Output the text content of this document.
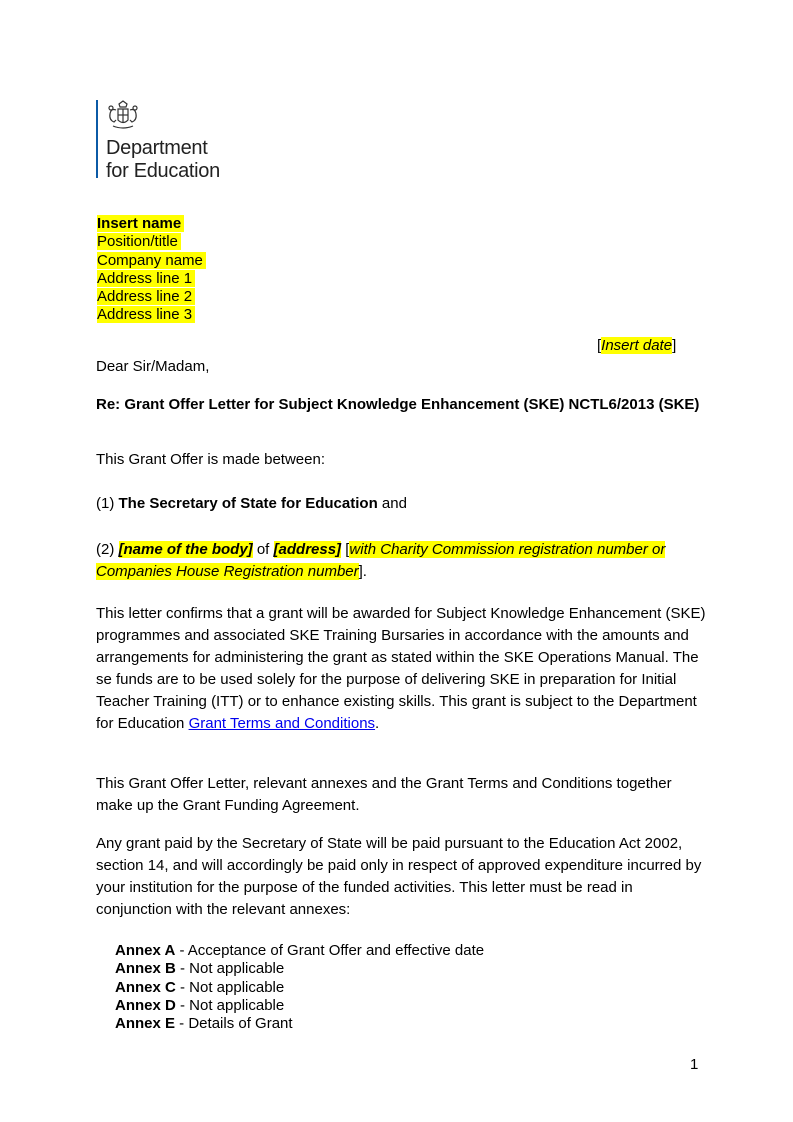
Department
for Education
Insert name
Position/title
Company name
Address line 1
Address line 2
Address line 3
[Insert date]
Dear Sir/Madam,
Re: Grant Offer Letter for Subject Knowledge Enhancement (SKE) NCTL6/2013 (SKE)
This Grant Offer is made between:
(1) The Secretary of State for Education and
(2) [name of the body] of [address] [with Charity Commission registration number or Companies House Registration number].
This letter confirms that a grant will be awarded for Subject Knowledge Enhancement (SKE) programmes and associated SKE Training Bursaries in accordance with the amounts and arrangements for administering the grant as stated within the SKE Operations Manual. The se funds are to be used solely for the purpose of delivering SKE in preparation for Initial Teacher Training (ITT) or to enhance existing skills. This grant is subject to the Department for Education Grant Terms and Conditions.
This Grant Offer Letter, relevant annexes and the Grant Terms and Conditions together make up the Grant Funding Agreement.
Any grant paid by the Secretary of State will be paid pursuant to the Education Act 2002, section 14, and will accordingly be paid only in respect of approved expenditure incurred by your institution for the purpose of the funded activities. This letter must be read in conjunction with the relevant annexes:
Annex A - Acceptance of Grant Offer and effective date
Annex B - Not applicable
Annex C - Not applicable
Annex D - Not applicable
Annex E - Details of Grant
1
